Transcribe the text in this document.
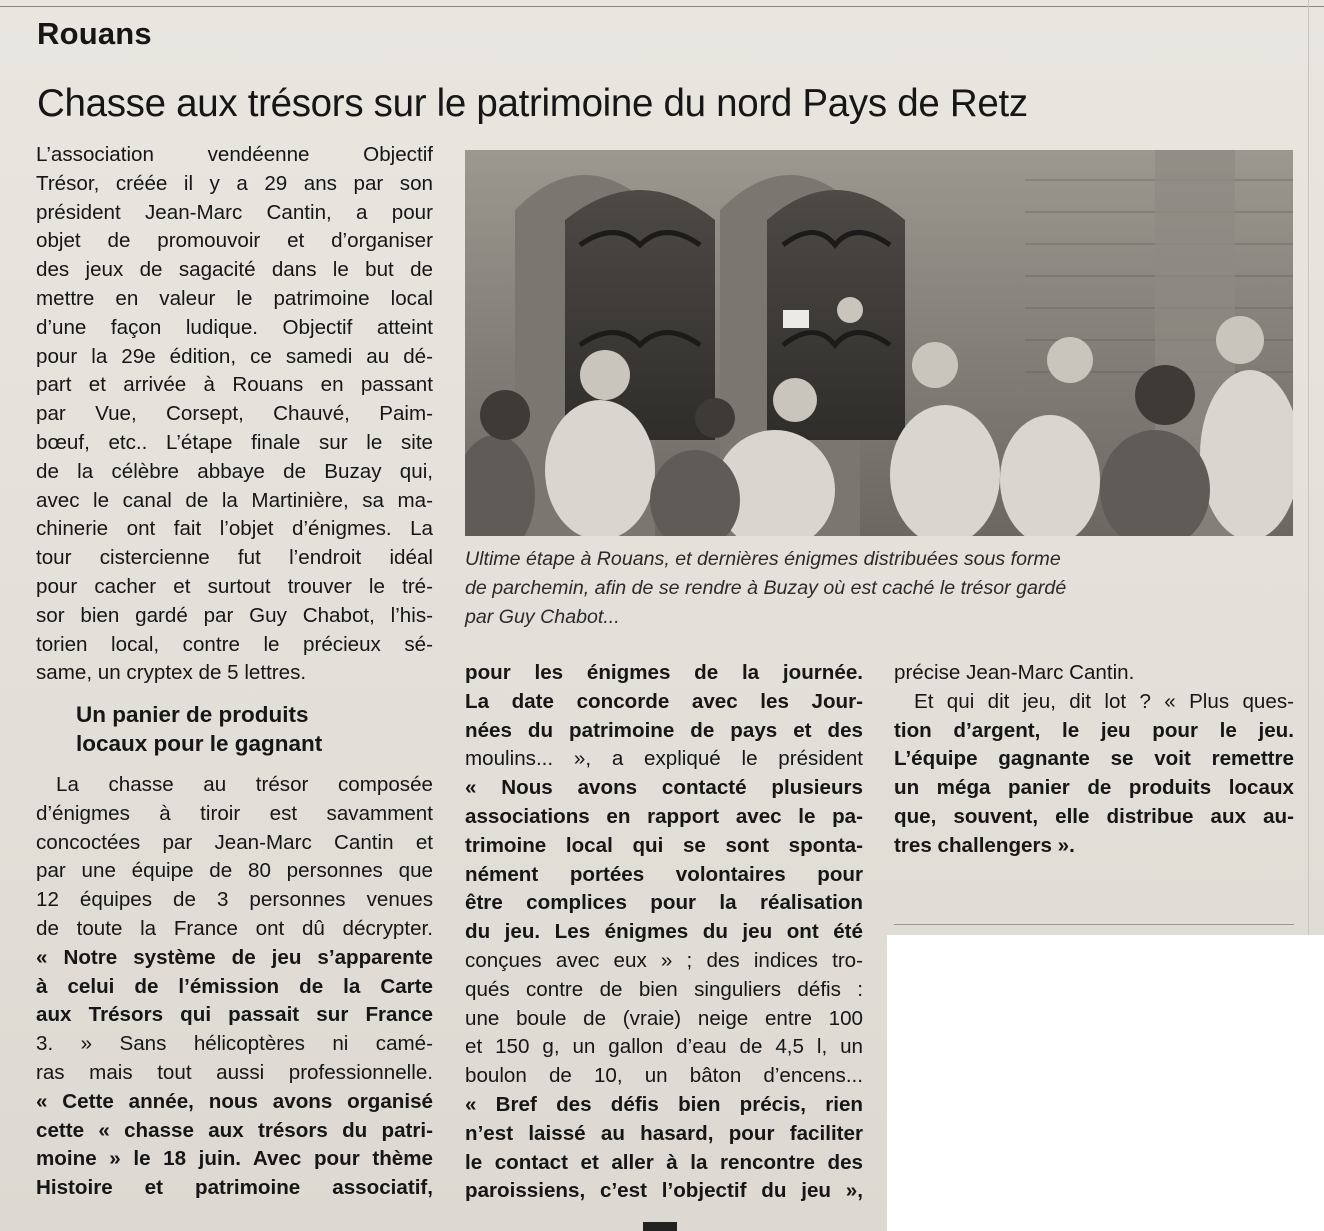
Rouans
Chasse aux trésors sur le patrimoine du nord Pays de Retz
L’association vendéenne Objectif
Trésor, créée il y a 29 ans par son
président Jean-Marc Cantin, a pour
objet de promouvoir et d’organiser
des jeux de sagacité dans le but de
mettre en valeur le patrimoine local
d’une façon ludique. Objectif atteint
pour la 29e édition, ce samedi au dé-
part et arrivée à Rouans en passant
par Vue, Corsept, Chauvé, Paim-
bœuf, etc.. L’étape finale sur le site
de la célèbre abbaye de Buzay qui,
avec le canal de la Martinière, sa ma-
chinerie ont fait l’objet d’énigmes. La
tour cistercienne fut l’endroit idéal
pour cacher et surtout trouver le tré-
sor bien gardé par Guy Chabot, l’his-
torien local, contre le précieux sé-
same, un cryptex de 5 lettres.
Un panier de produits
locaux pour le gagnant
La chasse au trésor composée
d’énigmes à tiroir est savamment
concoctées par Jean-Marc Cantin et
par une équipe de 80 personnes que
12 équipes de 3 personnes venues
de toute la France ont dû décrypter.
« Notre système de jeu s’apparente
à celui de l’émission de la Carte
aux Trésors qui passait sur France
3. » Sans hélicoptères ni camé-
ras mais tout aussi professionnelle.
« Cette année, nous avons organisé
cette « chasse aux trésors du patri-
moine » le 18 juin. Avec pour thème
Histoire et patrimoine associatif,

Ultime étape à Rouans, et dernières énigmes distribuées sous forme
de parchemin, afin de se rendre à Buzay où est caché le trésor gardé
par Guy Chabot...

pour les énigmes de la journée.
La date concorde avec les Jour-
nées du patrimoine de pays et des
moulins... », a expliqué le président
« Nous avons contacté plusieurs
associations en rapport avec le pa-
trimoine local qui se sont sponta-
nément portées volontaires pour
être complices pour la réalisation
du jeu. Les énigmes du jeu ont été
conçues avec eux » ; des indices tro-
qués contre de bien singuliers défis :
une boule de (vraie) neige entre 100
et 150 g, un gallon d’eau de 4,5 l, un
boulon de 10, un bâton d’encens...
« Bref des défis bien précis, rien
n’est laissé au hasard, pour faciliter
le contact et aller à la rencontre des
paroissiens, c’est l’objectif du jeu »,
précise Jean-Marc Cantin.
Et qui dit jeu, dit lot ? « Plus ques-
tion d’argent, le jeu pour le jeu.
L’équipe gagnante se voit remettre
un méga panier de produits locaux
que, souvent, elle distribue aux au-
tres challengers ».
